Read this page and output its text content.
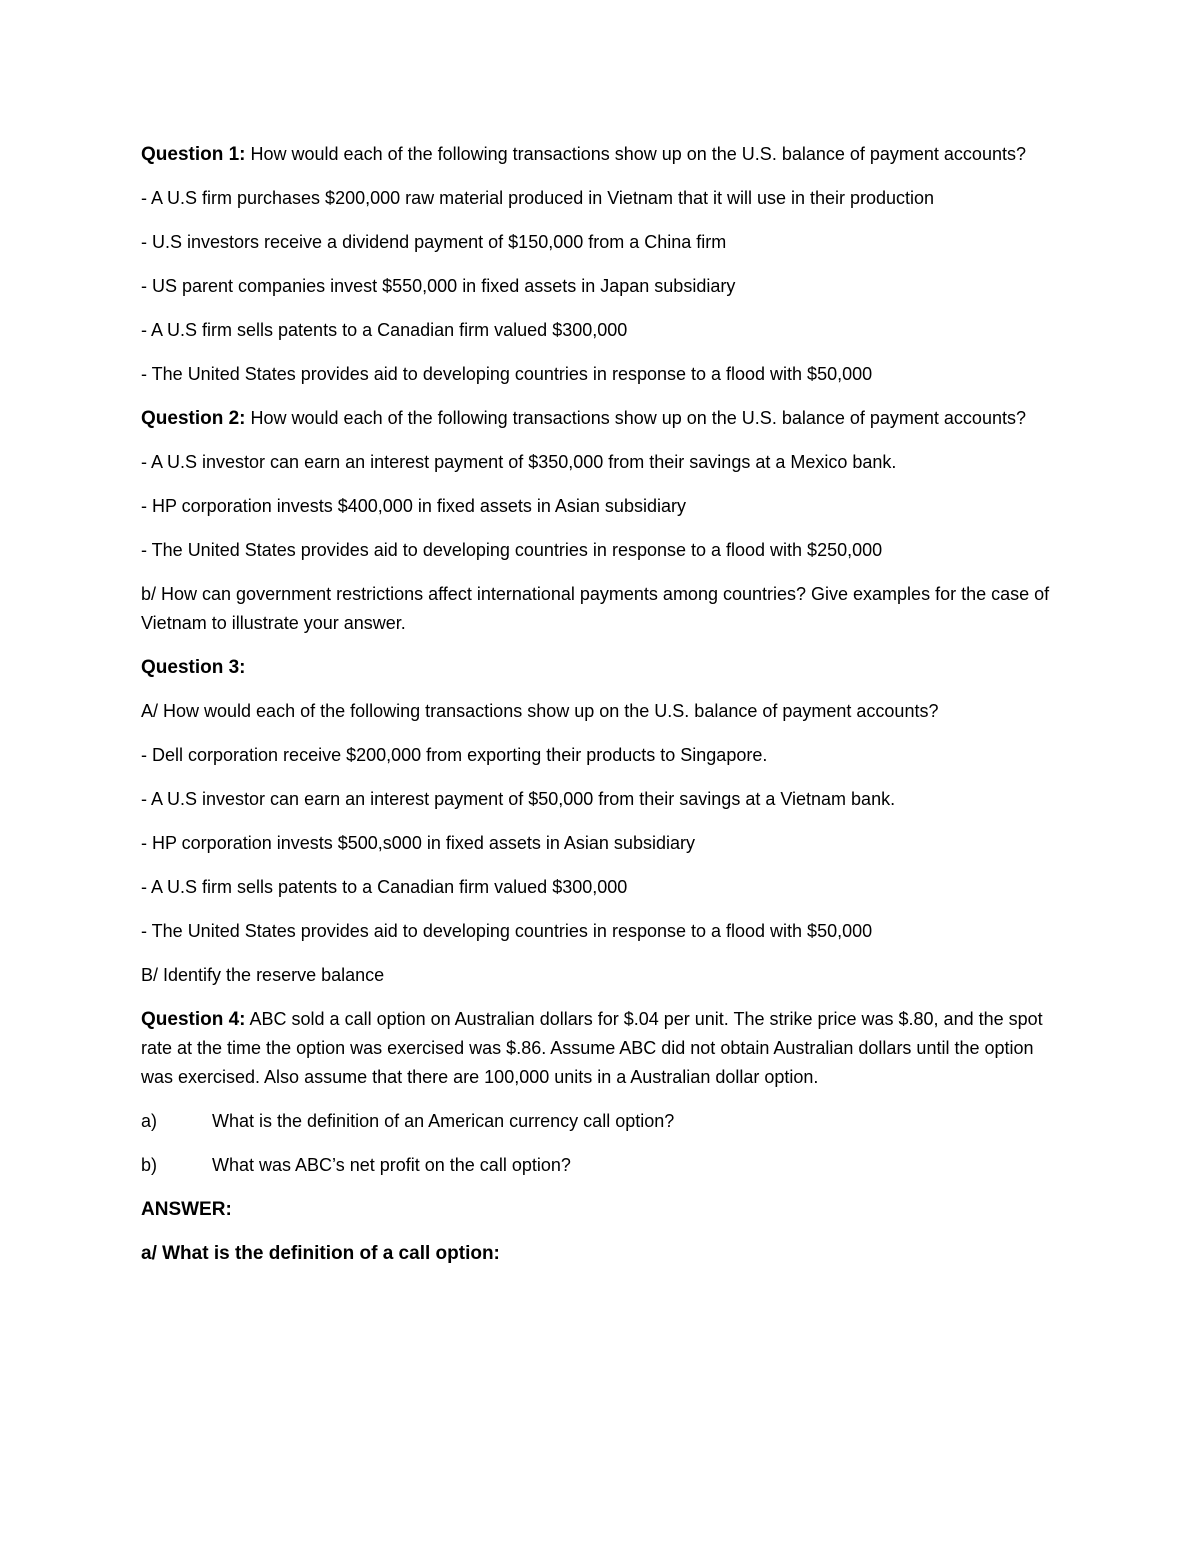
Question 1: How would each of the following transactions show up on the U.S. balance of payment accounts?

- A U.S firm purchases $200,000 raw material produced in Vietnam that it will use in their production

- U.S investors receive a dividend payment of $150,000 from a China firm

- US parent companies invest $550,000 in fixed assets in Japan subsidiary

- A U.S firm sells patents to a Canadian firm valued $300,000

- The United States provides aid to developing countries in response to a flood with $50,000

Question 2: How would each of the following transactions show up on the U.S. balance of payment accounts?

- A U.S investor can earn an interest payment of $350,000 from their savings at a Mexico bank.

- HP corporation invests $400,000 in fixed assets in Asian subsidiary

- The United States provides aid to developing countries in response to a flood with $250,000

b/ How can government restrictions affect international payments among countries? Give examples for the case of Vietnam to illustrate your answer.

Question 3:

A/ How would each of the following transactions show up on the U.S. balance of payment accounts?

- Dell corporation receive $200,000 from exporting their products to Singapore.

- A U.S investor can earn an interest payment of $50,000 from their savings at a Vietnam bank.

- HP corporation invests $500,s000 in fixed assets in Asian subsidiary

- A U.S firm sells patents to a Canadian firm valued $300,000

- The United States provides aid to developing countries in response to a flood with $50,000

B/ Identify the reserve balance

Question 4: ABC sold a call option on Australian dollars for $.04 per unit. The strike price was $.80, and the spot rate at the time the option was exercised was $.86. Assume ABC did not obtain Australian dollars until the option was exercised. Also assume that there are 100,000 units in a Australian dollar option.

a)	What is the definition of an American currency call option?
b)	What was ABC’s net profit on the call option?

ANSWER:

a/ What is the definition of a call option:
